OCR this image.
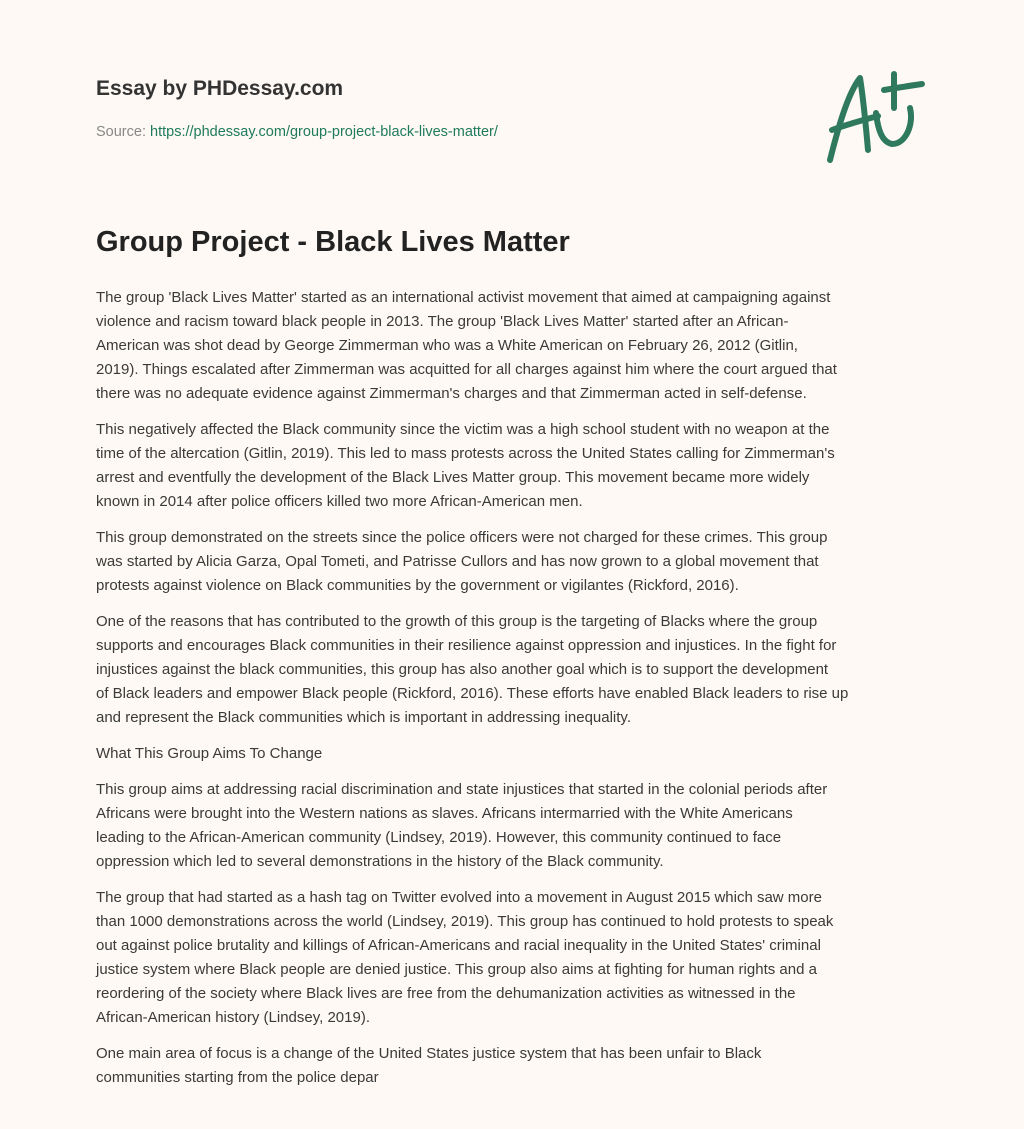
Essay by PHDessay.com
Source: https://phdessay.com/group-project-black-lives-matter/
Group Project - Black Lives Matter

The group 'Black Lives Matter' started as an international activist movement that aimed at campaigning against
violence and racism toward black people in 2013. The group 'Black Lives Matter' started after an African-
American was shot dead by George Zimmerman who was a White American on February 26, 2012 (Gitlin,
2019). Things escalated after Zimmerman was acquitted for all charges against him where the court argued that
there was no adequate evidence against Zimmerman's charges and that Zimmerman acted in self-defense.

This negatively affected the Black community since the victim was a high school student with no weapon at the
time of the altercation (Gitlin, 2019). This led to mass protests across the United States calling for Zimmerman's
arrest and eventfully the development of the Black Lives Matter group. This movement became more widely
known in 2014 after police officers killed two more African-American men.

This group demonstrated on the streets since the police officers were not charged for these crimes. This group
was started by Alicia Garza, Opal Tometi, and Patrisse Cullors and has now grown to a global movement that
protests against violence on Black communities by the government or vigilantes (Rickford, 2016).

One of the reasons that has contributed to the growth of this group is the targeting of Blacks where the group
supports and encourages Black communities in their resilience against oppression and injustices. In the fight for
injustices against the black communities, this group has also another goal which is to support the development
of Black leaders and empower Black people (Rickford, 2016). These efforts have enabled Black leaders to rise up
and represent the Black communities which is important in addressing inequality.

What This Group Aims To Change

This group aims at addressing racial discrimination and state injustices that started in the colonial periods after
Africans were brought into the Western nations as slaves. Africans intermarried with the White Americans
leading to the African-American community (Lindsey, 2019). However, this community continued to face
oppression which led to several demonstrations in the history of the Black community.

The group that had started as a hash tag on Twitter evolved into a movement in August 2015 which saw more
than 1000 demonstrations across the world (Lindsey, 2019). This group has continued to hold protests to speak
out against police brutality and killings of African-Americans and racial inequality in the United States' criminal
justice system where Black people are denied justice. This group also aims at fighting for human rights and a
reordering of the society where Black lives are free from the dehumanization activities as witnessed in the
African-American history (Lindsey, 2019).

One main area of focus is a change of the United States justice system that has been unfair to Black
communities starting from the police depar
